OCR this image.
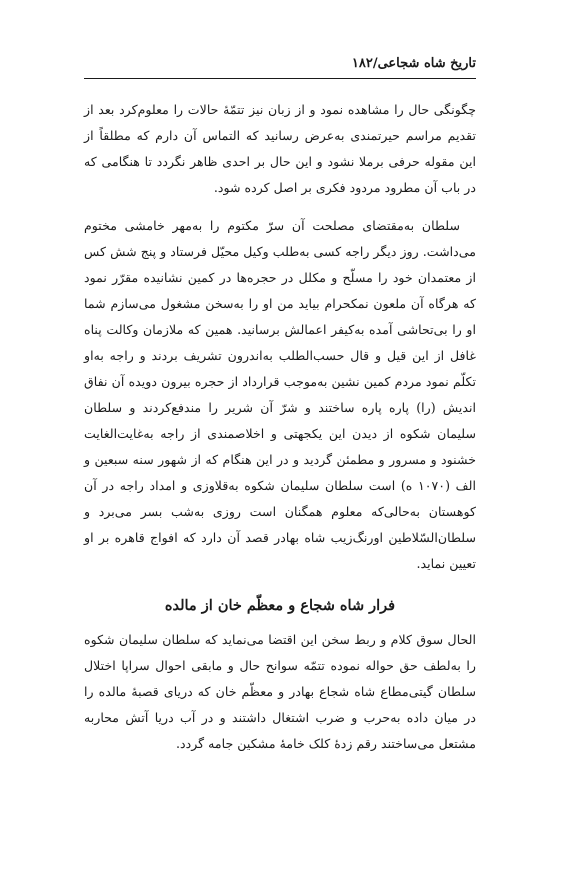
تاریخ شاه شجاعی/۱۸۲

چگونگی حال را مشاهده نمود و از زبان نیز تتمّهٔ حالات را معلوم‌کرد بعد از تقدیم مراسم حیرتمندی به‌عرض رسانید که التماس آن دارم که مطلقاً از این مقوله حرفی برملا نشود و این حال بر احدی ظاهر نگردد تا هنگامی که در باب آن مطرود مردود فکری بر اصل کرده شود.

سلطان به‌مقتضای مصلحت آن سرّ مکتوم را به‌مهر خامشی مختوم می‌داشت. روز دیگر راجه کسی به‌طلب وکیل محیّل فرستاد و پنج شش کس از معتمدان خود را مسلّح و مکلل در حجره‌ها در کمین نشانیده مقرّر نمود که هرگاه آن ملعون نمکحرام بیاید من او را به‌سخن مشغول می‌سازم شما او را بی‌تحاشی آمده به‌کیفر اعمالش برسانید. همین که ملازمان وکالت پناه غافل از این قیل و قال حسب‌الطلب به‌اندرون تشریف بردند و راجه به‌او تکلّم نمود مردم کمین نشین به‌موجب قرارداد از حجره بیرون دویده آن نفاق اندیش (را) پاره پاره ساختند و شرّ آن شریر را مندفع‌کردند و سلطان سلیمان شکوه از دیدن این یکجهتی و اخلاصمندی از راجه به‌غایت‌الغایت خشنود و مسرور و مطمئن گردید و در این هنگام که از شهور سنه سبعین و الف (۱۰۷۰ ه) است سلطان سلیمان شکوه به‌قلاوزی و امداد راجه در آن کوهستان به‌حالی‌که معلوم همگنان است روزی به‌شب بسر می‌برد و سلطان‌السّلاطین اورنگ‌زیب شاه بهادر قصد آن دارد که افواج قاهره بر او تعیین نماید.

فرار شاه شجاع و معظّم خان از مالده

الحال سوق کلام و ربط سخن این اقتضا می‌نماید که سلطان سلیمان شکوه را به‌لطف حق حواله نموده تتمّه سوانح حال و مابقی احوال سراپا اختلال سلطان گیتی‌مطاع شاه شجاع بهادر و معظّم خان که دریای قصبهٔ مالده را در میان داده به‌حرب و ضرب اشتغال داشتند و در آب دریا آتش محاربه مشتعل می‌ساختند رقم زدهٔ کلک خامهٔ مشکین جامه گردد.
